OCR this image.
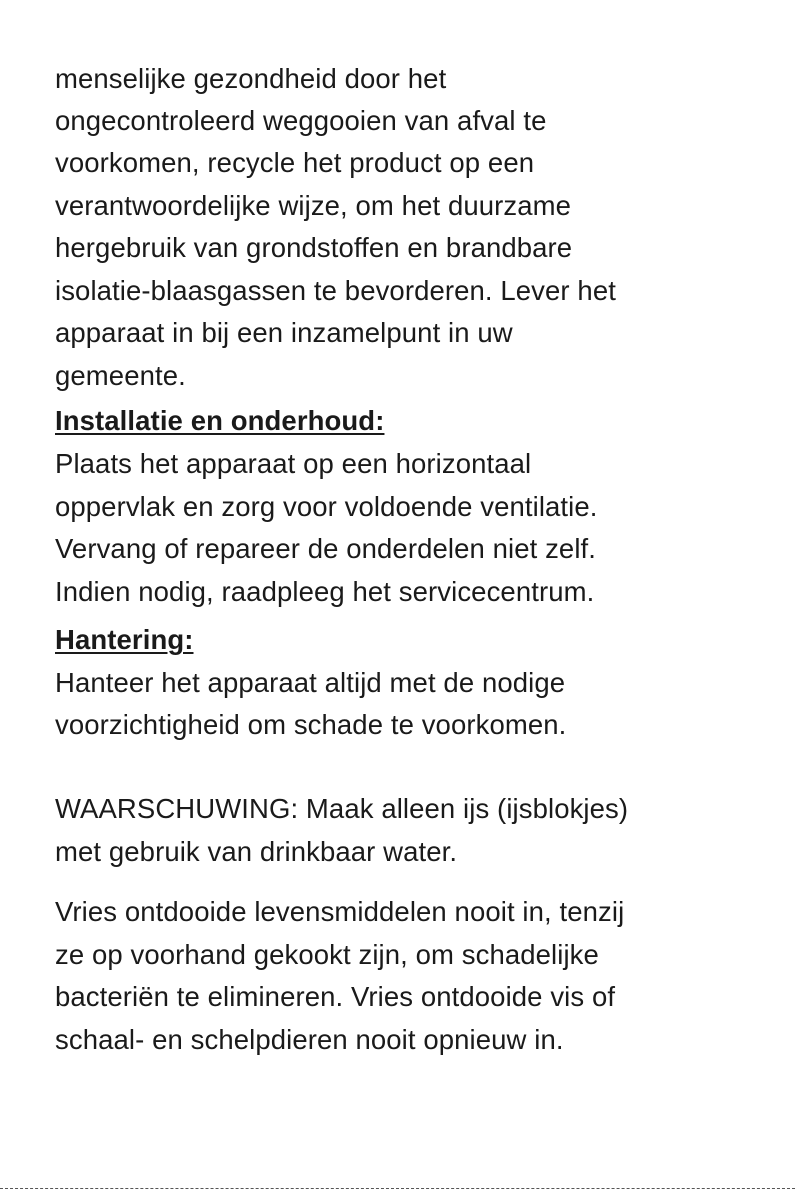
menselijke gezondheid door het
ongecontroleerd weggooien van afval te
voorkomen, recycle het product op een
verantwoordelijke wijze, om het duurzame
hergebruik van grondstoffen en brandbare
isolatie-blaasgassen te bevorderen. Lever het
apparaat in bij een inzamelpunt in uw
gemeente.
Installatie en onderhoud:
Plaats het apparaat op een horizontaal
oppervlak en zorg voor voldoende ventilatie.
Vervang of repareer de onderdelen niet zelf.
Indien nodig, raadpleeg het servicecentrum.
Hantering:
Hanteer het apparaat altijd met de nodige
voorzichtigheid om schade te voorkomen.
WAARSCHUWING: Maak alleen ijs (ijsblokjes)
met gebruik van drinkbaar water.
Vries ontdooide levensmiddelen nooit in, tenzij
ze op voorhand gekookt zijn, om schadelijke
bacteriën te elimineren. Vries ontdooide vis of
schaal- en schelpdieren nooit opnieuw in.
